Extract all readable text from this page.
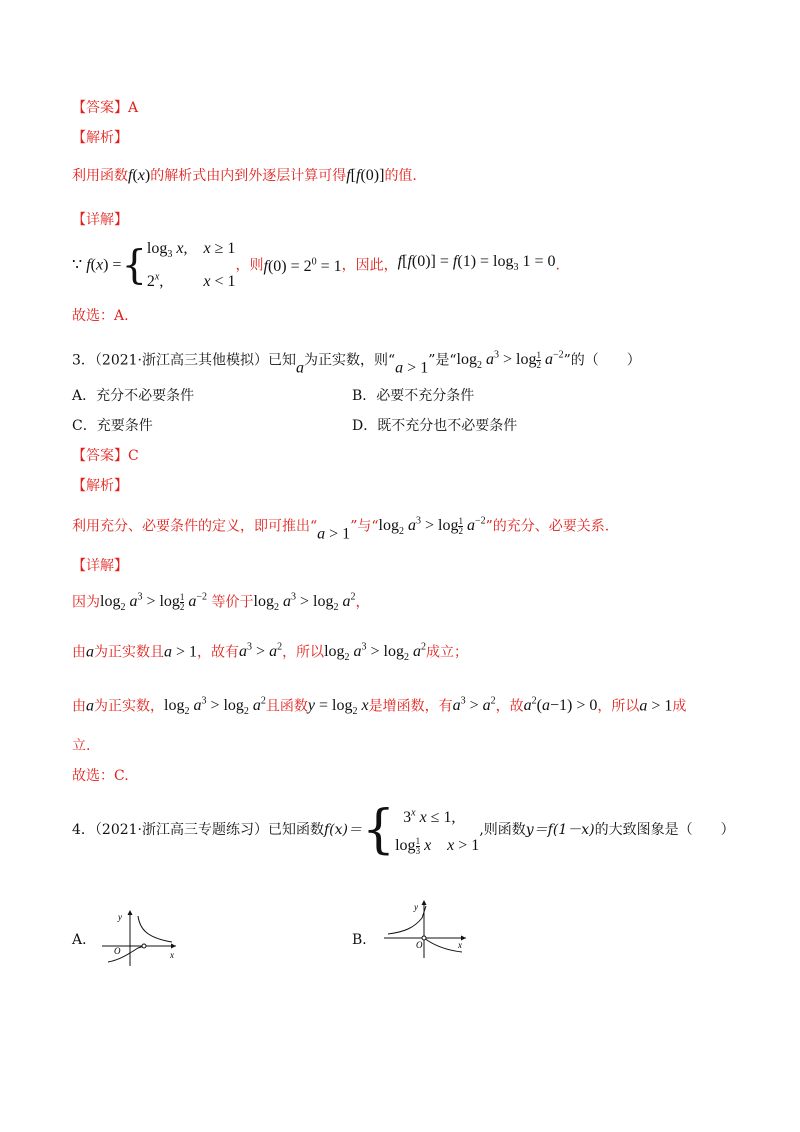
【答案】A
【解析】
利用函数f(x)的解析式由内到外逐层计算可得f[f(0)]的值.
【详解】
∵ $f(x) =\{\log_3$ x,    x ≥ 1
2$^x$,          x < 1，则$f(0) = 2^0 = 1$，因此，$f[f(0)] = f(1) = \log_3 1 = 0$.
故选：A.
3．（2021·浙江高三其他模拟）已知a为正实数，则“a > 1”是“$\log_2$ $a^3 > \log \frac{1}{2} a^{-2}$”的（　　）
A．充分不必要条件	B．必要不充分条件
C．充要条件	D．既不充分也不必要条件
【答案】C
【解析】
利用充分、必要条件的定义，即可推出“a > 1”与“$\log_2$ $a^3 > \log \frac{1}{2} a^{-2}$”的充分、必要关系.
【详解】
因为$\log_2 a^3 > \log \frac{1}{2} a^{-2}$ 等价于$\log_2 a^3 > \log_2 a^2$，
由a为正实数且a > 1，故有$a^3 > a^2$，所以$\log_2 a^3 > \log_2 a^2$成立；
由a为正实数，$\log_2 a^3 > \log_2 a^2$且函数$y = \log_2 x$是增函数，有$a^3 > a^2$，故$a^2(a-1) > 0$，所以a > 1成
立.
故选：C.
4．（2021·浙江高三专题练习）已知函数f(x)＝{ 3$^x$ x ≤ 1,
$\log \frac{1}{3}$ x x > 1,则函数y＝f(1－x)的大致图象是（　　）
A．
x
y
O
B．	x
y
O
